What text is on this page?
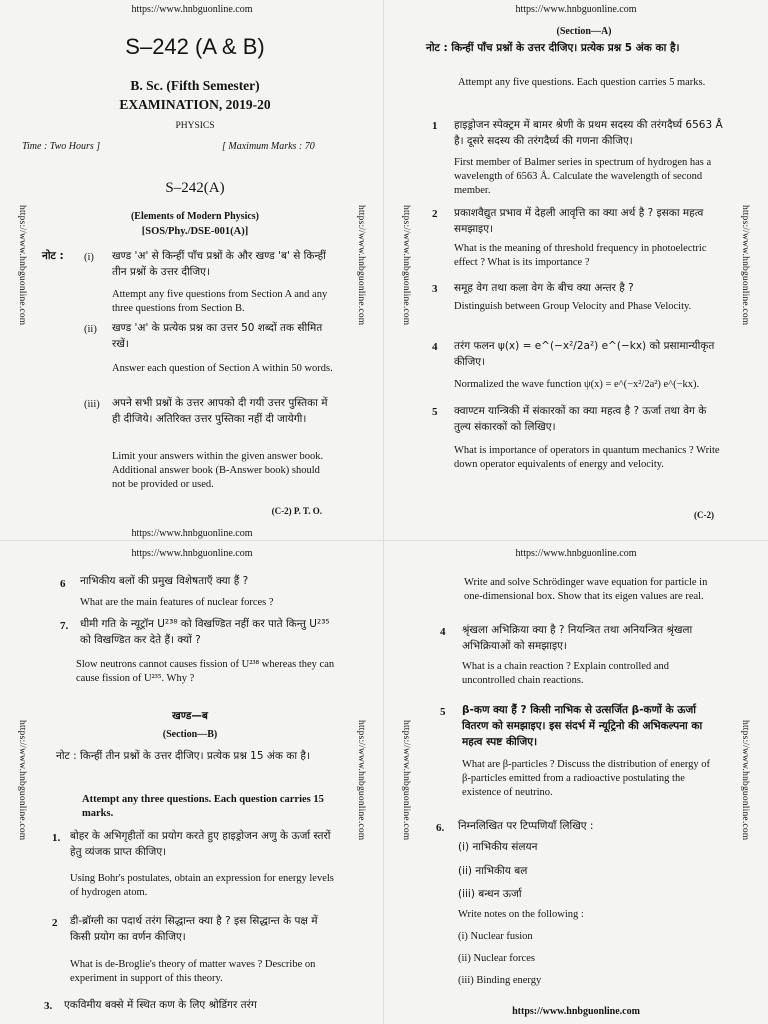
https://www.hnbguonline.com
https://www.hnbguonline.com	https://www.hnbguonline.com
S–242 (A & B)
B. Sc. (Fifth Semester)
EXAMINATION, 2019-20
PHYSICS
Time : Two Hours ]	[ Maximum Marks : 70
S–242(A)
(Elements of Modern Physics)
[SOS/Phy./DSE-001(A)]
नोट : (i) खण्ड 'अ' से किन्हीं पाँच प्रश्नों के और खण्ड 'ब' से किन्हीं तीन प्रश्नों के उत्तर दीजिए।
Attempt any five questions from Section A and any three questions from Section B.
(ii) खण्ड 'अ' के प्रत्येक प्रश्न का उत्तर 50 शब्दों तक सीमित रखें।
Answer each question of Section A within 50 words.
(iii) अपने सभी प्रश्नों के उत्तर आपको दी गयी उत्तर पुस्तिका में ही दीजिये। अतिरिक्त उत्तर पुस्तिका नहीं दी जायेगी।
Limit your answers within the given answer book. Additional answer book (B-Answer book) should not be provided or used.
(C-2) P. T. O.
https://www.hnbguonline.com
https://www.hnbguonline.com
https://www.hnbguonline.com	https://www.hnbguonline.com
(Section—A)
नोट : किन्हीं पाँच प्रश्नों के उत्तर दीजिए। प्रत्येक प्रश्न 5 अंक का है।
Attempt any five questions. Each question carries 5 marks.
1 हाइड्रोजन स्पेक्ट्रम में बामर श्रेणी के प्रथम सदस्य की तरंगदैर्घ्य 6563 Å है। दूसरे सदस्य की तरंगदैर्घ्य की गणना कीजिए।
First member of Balmer series in spectrum of hydrogen has a wavelength of 6563 Å. Calculate the wavelength of second member.
2 प्रकाशवैद्युत प्रभाव में देहली आवृत्ति का क्या अर्थ है ? इसका महत्व समझाइए।
What is the meaning of threshold frequency in photoelectric effect ? What is its importance ?
3 समूह वेग तथा कला वेग के बीच क्या अन्तर है ?
Distinguish between Group Velocity and Phase Velocity.
4 तरंग फलन ψ(x) = e^(−x²/2a²) e^(−kx) को प्रसामान्यीकृत कीजिए।
Normalized the wave function ψ(x) = e^(−x²/2a²) e^(−kx).
5 क्वाण्टम यान्त्रिकी में संकारकों का क्या महत्व है ? ऊर्जा तथा वेग के तुल्य संकारकों को लिखिए।
What is importance of operators in quantum mechanics ? Write down operator equivalents of energy and velocity.
(C-2)
https://www.hnbguonline.com
https://www.hnbguonline.com	https://www.hnbguonline.com
6 नाभिकीय बलों की प्रमुख विशेषताएँ क्या हैं ?
What are the main features of nuclear forces ?
7. धीमी गति के न्यूट्रॉन U²³⁸ को विखण्डित नहीं कर पाते किन्तु U²³⁵ को विखण्डित कर देते हैं। क्यों ?
Slow neutrons cannot causes fission of U²³⁸ whereas they can cause fission of U²³⁵. Why ?
खण्ड—ब
(Section—B)
नोट : किन्हीं तीन प्रश्नों के उत्तर दीजिए। प्रत्येक प्रश्न 15 अंक का है।
Attempt any three questions. Each question carries 15 marks.
1. बोहर के अभिगृहीतों का प्रयोग करते हुए हाइड्रोजन अणु के ऊर्जा स्तरों हेतु व्यंजक प्राप्त कीजिए।
Using Bohr's postulates, obtain an expression for energy levels of hydrogen atom.
2 डी-ब्रॉग्ली का पदार्थ तरंग सिद्धान्त क्या है ? इस सिद्धान्त के पक्ष में किसी प्रयोग का वर्णन कीजिए।
What is de-Broglie's theory of matter waves ? Describe on experiment in support of this theory.
3. एकविमीय बक्से में स्थित कण के लिए श्रोडिंगर तरंग
https://www.hnbguonline.com
https://www.hnbguonline.com	https://www.hnbguonline.com
Write and solve Schrödinger wave equation for particle in one-dimensional box. Show that its eigen values are real.
4 श्रृंखला अभिक्रिया क्या है ? नियन्त्रित तथा अनियन्त्रित श्रृंखला अभिक्रियाओं को समझाइए।
What is a chain reaction ? Explain controlled and uncontrolled chain reactions.
5 β-कण क्या हैं ? किसी नाभिक से उत्सर्जित β-कणों के ऊर्जा वितरण को समझाइए। इस संदर्भ में न्यूट्रिनो की अभिकल्पना का महत्व स्पष्ट कीजिए।
What are β-particles ? Discuss the distribution of energy of β-particles emitted from a radioactive postulating the existence of neutrino.
6. निम्नलिखित पर टिप्पणियाँ लिखिए :
(i) नाभिकीय संलयन
(ii) नाभिकीय बल
(iii) बन्धन ऊर्जा
Write notes on the following :
(i) Nuclear fusion
(ii) Nuclear forces
(iii) Binding energy
https://www.hnbguonline.com
